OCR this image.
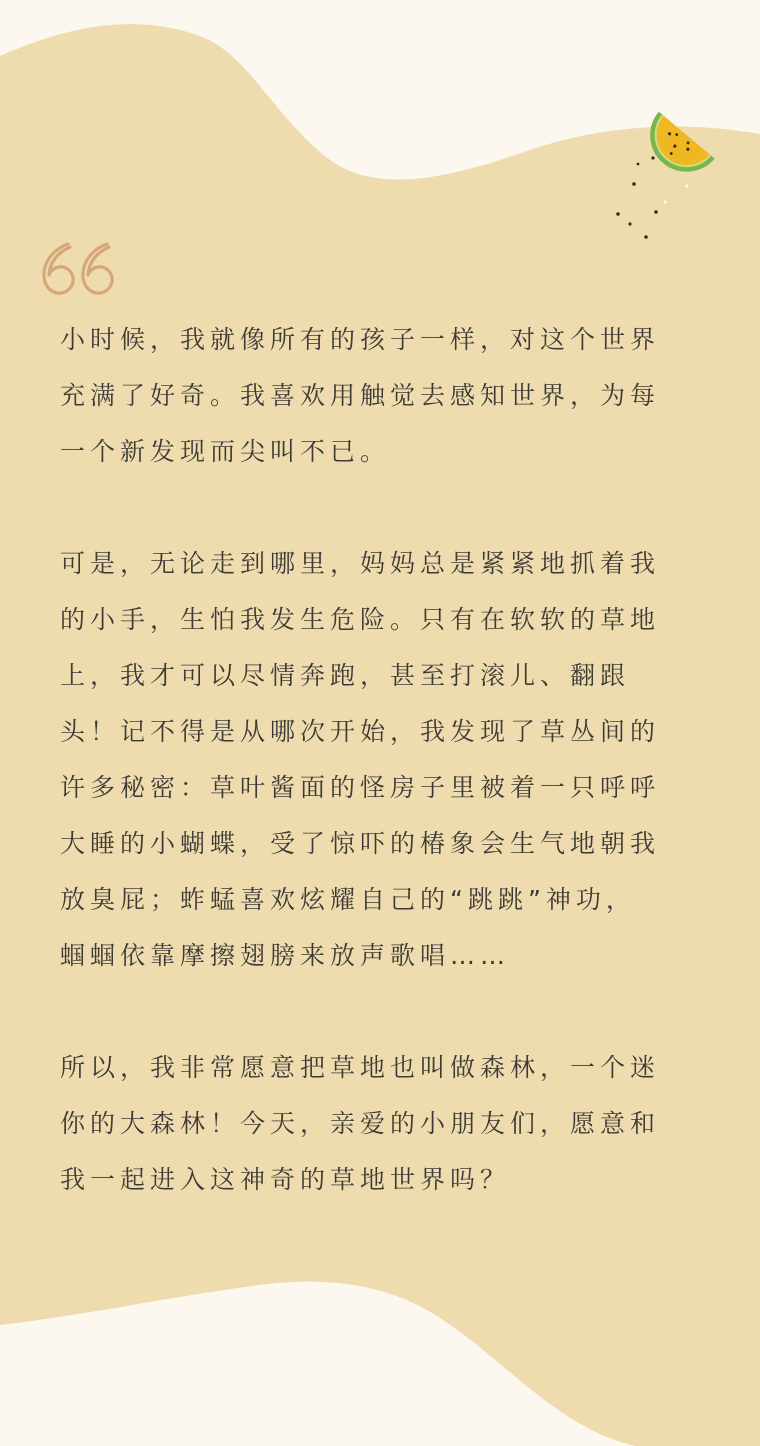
小时候，我就像所有的孩子一样，对这个世界
充满了好奇。我喜欢用触觉去感知世界，为每
一个新发现而尖叫不已。

可是，无论走到哪里，妈妈总是紧紧地抓着我
的小手，生怕我发生危险。只有在软软的草地
上，我才可以尽情奔跑，甚至打滚儿、翻跟
头！记不得是从哪次开始，我发现了草丛间的
许多秘密：草叶酱面的怪房子里被着一只呼呼
大睡的小蝴蝶，受了惊吓的椿象会生气地朝我
放臭屁；蚱蜢喜欢炫耀自己的“跳跳”神功，
蝈蝈依靠摩擦翅膀来放声歌唱……

所以，我非常愿意把草地也叫做森林，一个迷
你的大森林！今天，亲爱的小朋友们，愿意和
我一起进入这神奇的草地世界吗？
